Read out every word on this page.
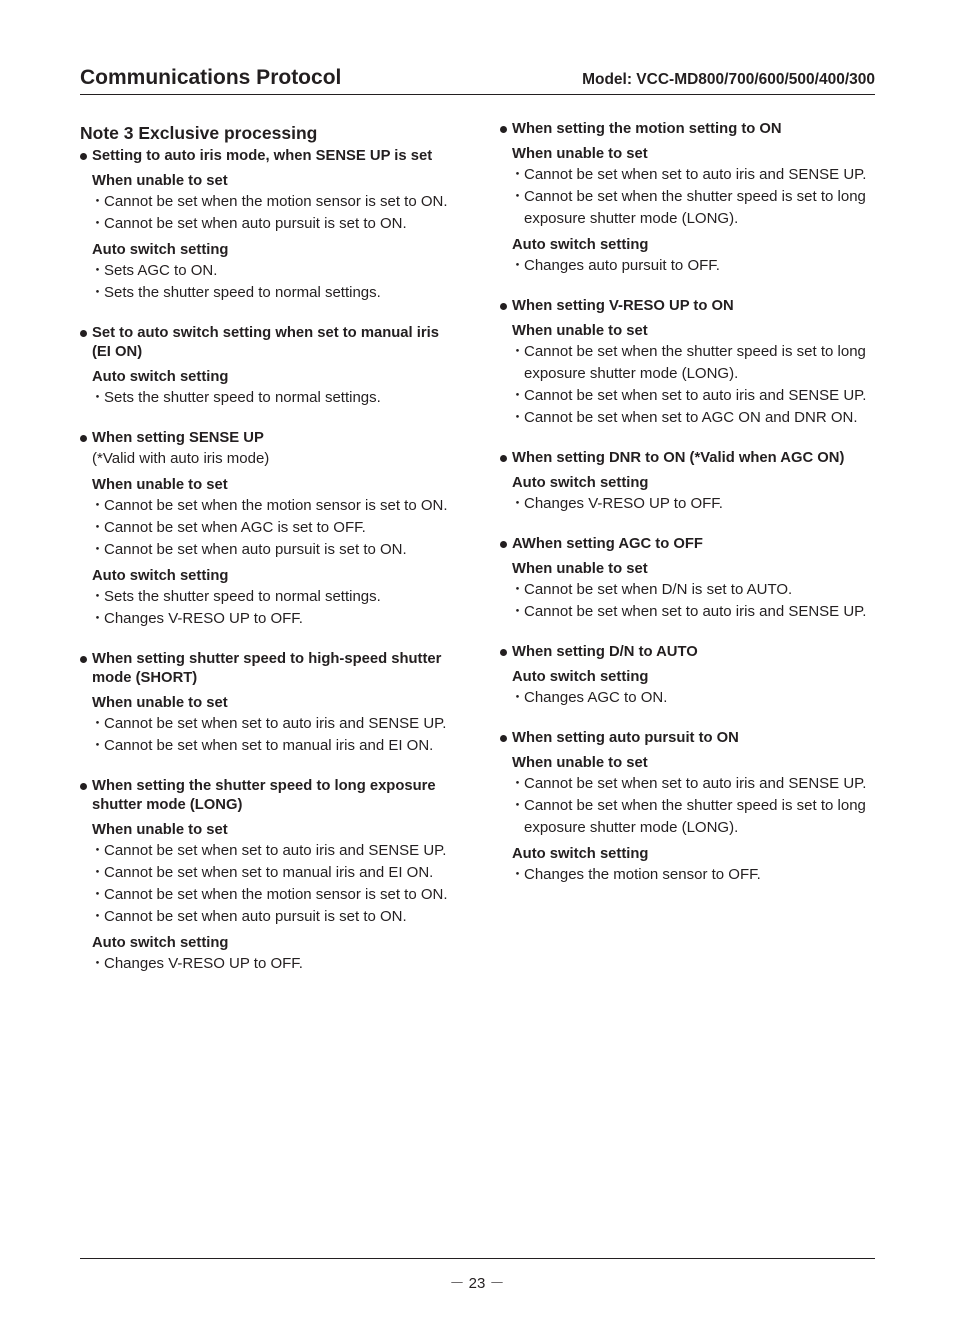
Communications Protocol	Model: VCC-MD800/700/600/500/400/300
Note 3 Exclusive processing
Setting to auto iris mode, when SENSE UP is set
When unable to set
・ Cannot be set when the motion sensor is set to ON.
・ Cannot be set when auto pursuit is set to ON.
Auto switch setting
・ Sets AGC to ON.
・ Sets the shutter speed to normal settings.
Set to auto switch setting when set to manual iris (EI ON)
Auto switch setting
・ Sets the shutter speed to normal settings.
When setting SENSE UP
(*Valid with auto iris mode)
When unable to set
・ Cannot be set when the motion sensor is set to ON.
・ Cannot be set when AGC is set to OFF.
・ Cannot be set when auto pursuit is set to ON.
Auto switch setting
・ Sets the shutter speed to normal settings.
・ Changes V-RESO UP to OFF.
When setting shutter speed to high-speed shutter mode (SHORT)
When unable to set
・ Cannot be set when set to auto iris and SENSE UP.
・ Cannot be set when set to manual iris and EI ON.
When setting the shutter speed to long exposure shutter mode (LONG)
When unable to set
・ Cannot be set when set to auto iris and SENSE UP.
・ Cannot be set when set to manual iris and EI ON.
・ Cannot be set when the motion sensor is set to ON.
・ Cannot be set when auto pursuit is set to ON.
Auto switch setting
・ Changes V-RESO UP to OFF.
When setting the motion setting to ON
When unable to set
・ Cannot be set when set to auto iris and SENSE UP.
・ Cannot be set when the shutter speed is set to long exposure shutter mode (LONG).
Auto switch setting
・ Changes auto pursuit to OFF.
When setting V-RESO UP to ON
When unable to set
・ Cannot be set when the shutter speed is set to long exposure shutter mode (LONG).
・ Cannot be set when set to auto iris and SENSE UP.
・ Cannot be set when set to AGC ON and DNR ON.
When setting DNR to ON (*Valid when AGC ON)
Auto switch setting
・ Changes V-RESO UP to OFF.
AWhen setting AGC to OFF
When unable to set
・ Cannot be set when D/N is set to AUTO.
・ Cannot be set when set to auto iris and SENSE UP.
When setting D/N to AUTO
Auto switch setting
・ Changes AGC to ON.
When setting auto pursuit to ON
When unable to set
・ Cannot be set when set to auto iris and SENSE UP.
・ Cannot be set when the shutter speed is set to long exposure shutter mode (LONG).
Auto switch setting
・ Changes the motion sensor to OFF.
－ 23 －
